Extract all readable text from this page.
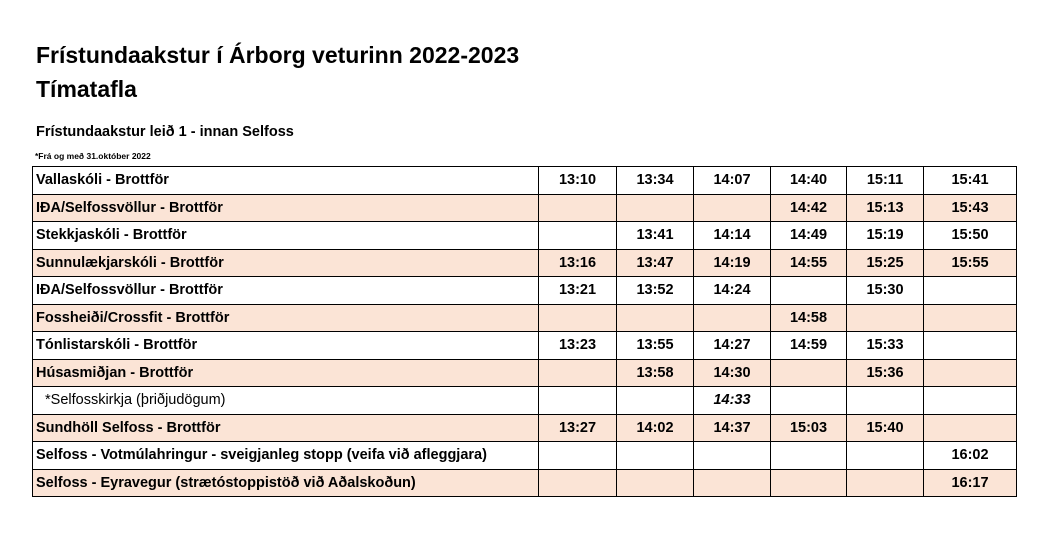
Frístundaakstur í Árborg veturinn 2022-2023
Tímatafla
Frístundaakstur leið 1 - innan Selfoss
*Frá og með 31.október 2022
Vallaskóli - Brottför	13:10	13:34	14:07	14:40	15:11	15:41
IÐA/Selfossvöllur - Brottför				14:42	15:13	15:43
Stekkjaskóli - Brottför		13:41	14:14	14:49	15:19	15:50
Sunnulækjarskóli - Brottför	13:16	13:47	14:19	14:55	15:25	15:55
IÐA/Selfossvöllur - Brottför	13:21	13:52	14:24		15:30	
Fossheiði/Crossfit - Brottför				14:58		
Tónlistarskóli - Brottför	13:23	13:55	14:27	14:59	15:33	
Húsasmiðjan - Brottför		13:58	14:30		15:36	
*Selfosskirkja (þriðjudögum)			14:33			
Sundhöll Selfoss - Brottför	13:27	14:02	14:37	15:03	15:40	
Selfoss - Votmúlahringur - sveigjanleg stopp (veifa við afleggjara)						16:02
Selfoss - Eyravegur (strætóstoppistöð við Aðalskoðun)						16:17
